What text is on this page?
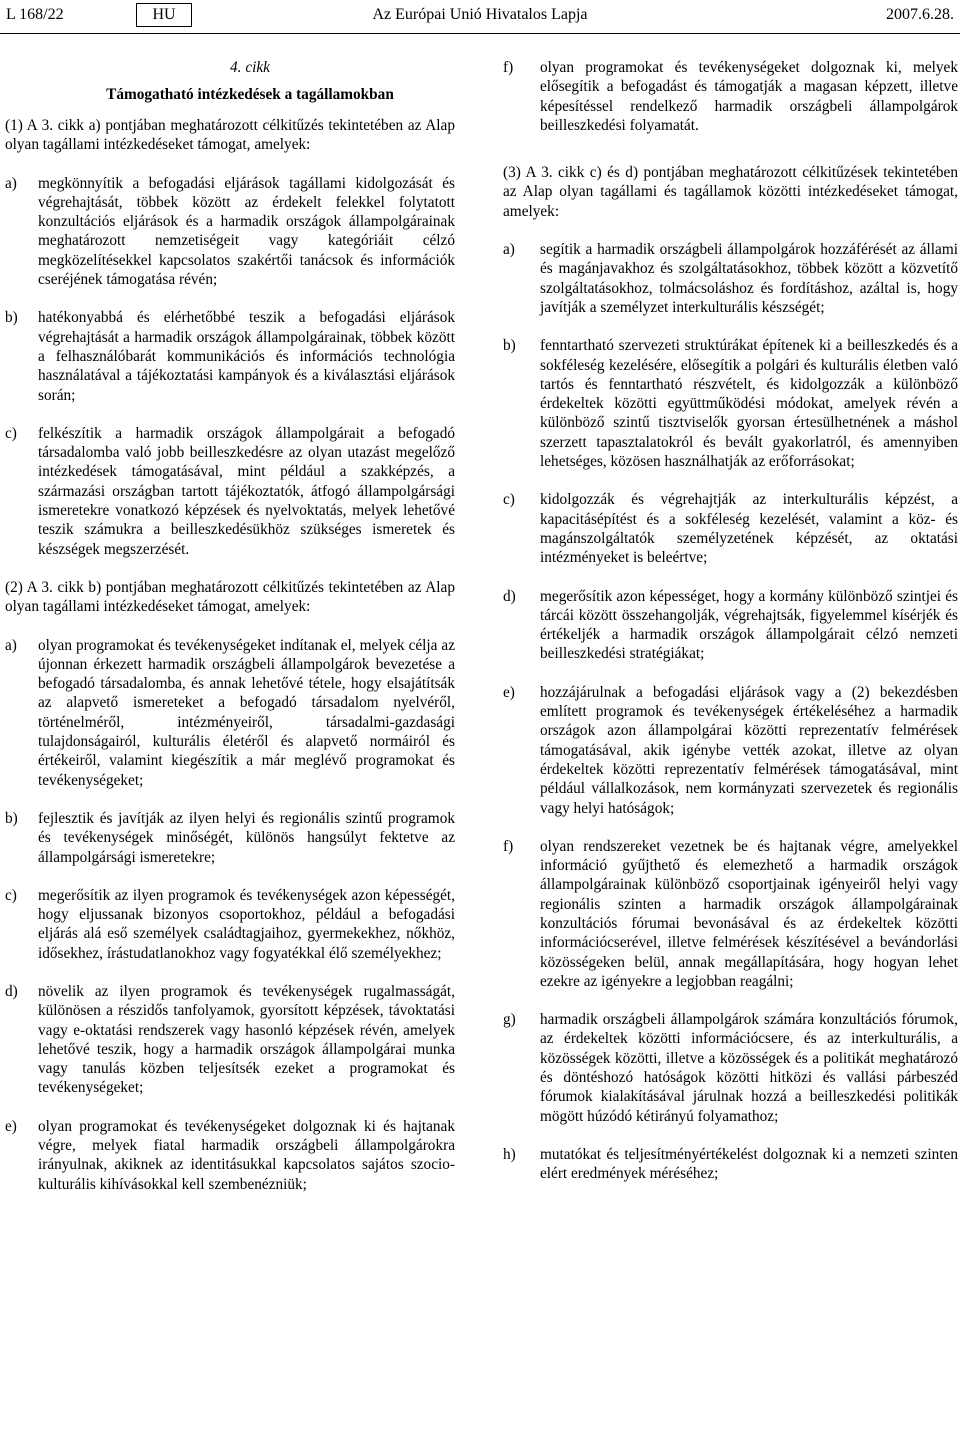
L 168/22	HU	Az Európai Unió Hivatalos Lapja	2007.6.28.
4. cikk
Támogatható intézkedések a tagállamokban

(1) A 3. cikk a) pontjában meghatározott célkitűzés tekintetében az Alap olyan tagállami intézkedéseket támogat, amelyek:

a)	megkönnyítik a befogadási eljárások tagállami kidolgozását és végrehajtását, többek között az érdekelt felekkel folytatott konzultációs eljárások és a harmadik országok állampolgárainak meghatározott nemzetiségeit vagy kategóriáit célzó megközelítésekkel kapcsolatos szakértői tanácsok és információk cseréjének támogatása révén;
b)	hatékonyabbá és elérhetőbbé teszik a befogadási eljárások végrehajtását a harmadik országok állampolgárainak, többek között a felhasználóbarát kommunikációs és információs technológia használatával a tájékoztatási kampányok és a kiválasztási eljárások során;
c)	felkészítik a harmadik országok állampolgárait a befogadó társadalomba való jobb beilleszkedésre az olyan utazást megelőző intézkedések támogatásával, mint például a szakképzés, a származási országban tartott tájékoztatók, átfogó állampolgársági ismeretekre vonatkozó képzések és nyelvoktatás, melyek lehetővé teszik számukra a beilleszkedésükhöz szükséges ismeretek és készségek megszerzését.

(2) A 3. cikk b) pontjában meghatározott célkitűzés tekintetében az Alap olyan tagállami intézkedéseket támogat, amelyek:

a)	olyan programokat és tevékenységeket indítanak el, melyek célja az újonnan érkezett harmadik országbeli állampolgárok bevezetése a befogadó társadalomba, és annak lehetővé tétele, hogy elsajátítsák az alapvető ismereteket a befogadó társadalom nyelvéről, történelméről, intézményeiről, társadalmi-gazdasági tulajdonságairól, kulturális életéről és alapvető normáiról és értékeiről, valamint kiegészítik a már meglévő programokat és tevékenységeket;
b)	fejlesztik és javítják az ilyen helyi és regionális szintű programok és tevékenységek minőségét, különös hangsúlyt fektetve az állampolgársági ismeretekre;
c)	megerősítik az ilyen programok és tevékenységek azon képességét, hogy eljussanak bizonyos csoportokhoz, például a befogadási eljárás alá eső személyek családtagjaihoz, gyermekekhez, nőkhöz, idősekhez, írástudatlanokhoz vagy fogyatékkal élő személyekhez;
d)	növelik az ilyen programok és tevékenységek rugalmasságát, különösen a részidős tanfolyamok, gyorsított képzések, távoktatási vagy e-oktatási rendszerek vagy hasonló képzések révén, amelyek lehetővé teszik, hogy a harmadik országok állampolgárai munka vagy tanulás közben teljesítsék ezeket a programokat és tevékenységeket;
e)	olyan programokat és tevékenységeket dolgoznak ki és hajtanak végre, melyek fiatal harmadik országbeli állampolgárokra irányulnak, akiknek az identitásukkal kapcsolatos sajátos szocio-kulturális kihívásokkal kell szembenézniük;
f)	olyan programokat és tevékenységeket dolgoznak ki, melyek elősegítik a befogadást és támogatják a magasan képzett, illetve képesítéssel rendelkező harmadik országbeli állampolgárok beilleszkedési folyamatát.

(3) A 3. cikk c) és d) pontjában meghatározott célkitűzések tekintetében az Alap olyan tagállami és tagállamok közötti intézkedéseket támogat, amelyek:

a)	segítik a harmadik országbeli állampolgárok hozzáférését az állami és magánjavakhoz és szolgáltatásokhoz, többek között a közvetítő szolgáltatásokhoz, tolmácsoláshoz és fordításhoz, azáltal is, hogy javítják a személyzet interkulturális készségét;
b)	fenntartható szervezeti struktúrákat építenek ki a beilleszkedés és a sokféleség kezelésére, elősegítik a polgári és kulturális életben való tartós és fenntartható részvételt, és kidolgozzák a különböző érdekeltek közötti együttműködési módokat, amelyek révén a különböző szintű tisztviselők gyorsan értesülhetnének a máshol szerzett tapasztalatokról és bevált gyakorlatról, és amennyiben lehetséges, közösen használhatják az erőforrásokat;
c)	kidolgozzák és végrehajtják az interkulturális képzést, a kapacitásépítést és a sokféleség kezelését, valamint a köz- és magánszolgáltatók személyzetének képzését, az oktatási intézményeket is beleértve;
d)	megerősítik azon képességet, hogy a kormány különböző szintjei és tárcái között összehangolják, végrehajtsák, figyelemmel kísérjék és értékeljék a harmadik országok állampolgárait célzó nemzeti beilleszkedési stratégiákat;
e)	hozzájárulnak a befogadási eljárások vagy a (2) bekezdésben említett programok és tevékenységek értékeléséhez a harmadik országok azon állampolgárai közötti reprezentatív felmérések támogatásával, akik igénybe vették azokat, illetve az olyan érdekeltek közötti reprezentatív felmérések támogatásával, mint például vállalkozások, nem kormányzati szervezetek és regionális vagy helyi hatóságok;
f)	olyan rendszereket vezetnek be és hajtanak végre, amelyekkel információ gyűjthető és elemezhető a harmadik országok állampolgárainak különböző csoportjainak igényeiről helyi vagy regionális szinten a harmadik országok állampolgárainak konzultációs fórumai bevonásával és az érdekeltek közötti információcserével, illetve felmérések készítésével a bevándorlási közösségeken belül, annak megállapítására, hogy hogyan lehet ezekre az igényekre a legjobban reagálni;
g)	harmadik országbeli állampolgárok számára konzultációs fórumok, az érdekeltek közötti információcsere, és az interkulturális, a közösségek közötti, illetve a közösségek és a politikát meghatározó és döntéshozó hatóságok közötti hitközi és vallási párbeszéd fórumok kialakításával járulnak hozzá a beilleszkedési politikák mögött húzódó kétirányú folyamathoz;
h)	mutatókat és teljesítményértékelést dolgoznak ki a nemzeti szinten elért eredmények méréséhez;
